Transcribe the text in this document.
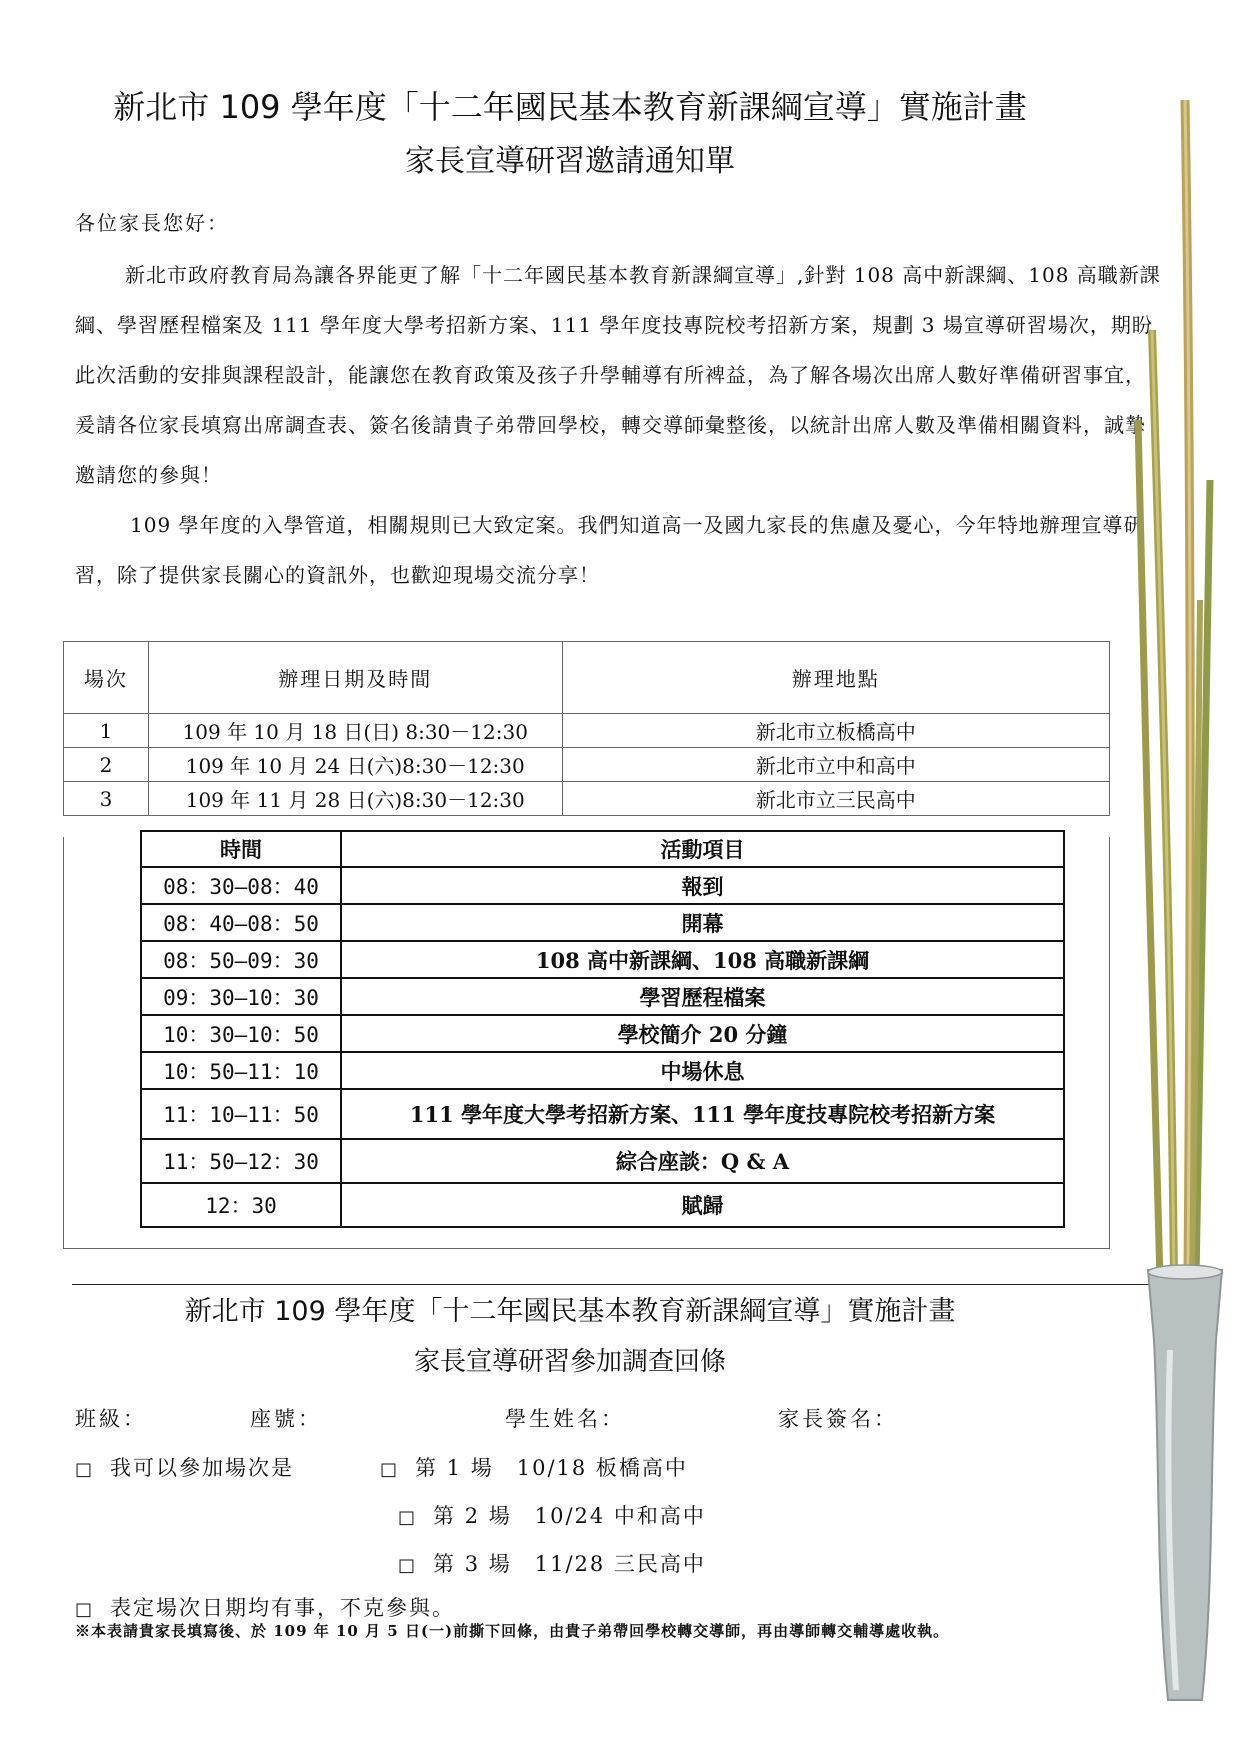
新北市 109 學年度「十二年國民基本教育新課綱宣導」實施計畫
家長宣導研習邀請通知單
各位家長您好：

新北市政府教育局為讓各界能更了解「十二年國民基本教育新課綱宣導」,針對 108 高中新課綱、108 高職新課綱、學習歷程檔案及 111 學年度大學考招新方案、111 學年度技專院校考招新方案，規劃 3 場宣導研習場次，期盼此次活動的安排與課程設計，能讓您在教育政策及孩子升學輔導有所裨益，為了解各場次出席人數好準備研習事宜，爰請各位家長填寫出席調查表、簽名後請貴子弟帶回學校，轉交導師彙整後，以統計出席人數及準備相關資料，誠摯邀請您的參與！

109 學年度的入學管道，相關規則已大致定案。我們知道高一及國九家長的焦慮及憂心，今年特地辦理宣導研習，除了提供家長關心的資訊外，也歡迎現場交流分享！

場次	辦理日期及時間	辦理地點
1	109 年 10 月 18 日(日) 8:30－12:30	新北市立板橋高中
2	109 年 10 月 24 日(六)8:30－12:30	新北市立中和高中
3	109 年 11 月 28 日(六)8:30－12:30	新北市立三民高中
時間	活動項目
08：30—08：40	報到
08：40—08：50	開幕
08：50—09：30	108 高中新課綱、108 高職新課綱
09：30—10：30	學習歷程檔案
10：30—10：50	學校簡介 20 分鐘
10：50—11：10	中場休息
11：10—11：50	111 學年度大學考招新方案、111 學年度技專院校考招新方案
11：50—12：30	綜合座談：Q & A
12：30	賦歸
新北市 109 學年度「十二年國民基本教育新課綱宣導」實施計畫
家長宣導研習參加調查回條
班級：	座號：	學生姓名：	家長簽名：
□ 我可以參加場次是	□ 第 1 場　10/18 板橋高中
□ 第 2 場　10/24 中和高中
□ 第 3 場　11/28 三民高中
□ 表定場次日期均有事，不克參與。
※本表請貴家長填寫後、於 109 年 10 月 5 日(一)前撕下回條，由貴子弟帶回學校轉交導師，再由導師轉交輔導處收執。
